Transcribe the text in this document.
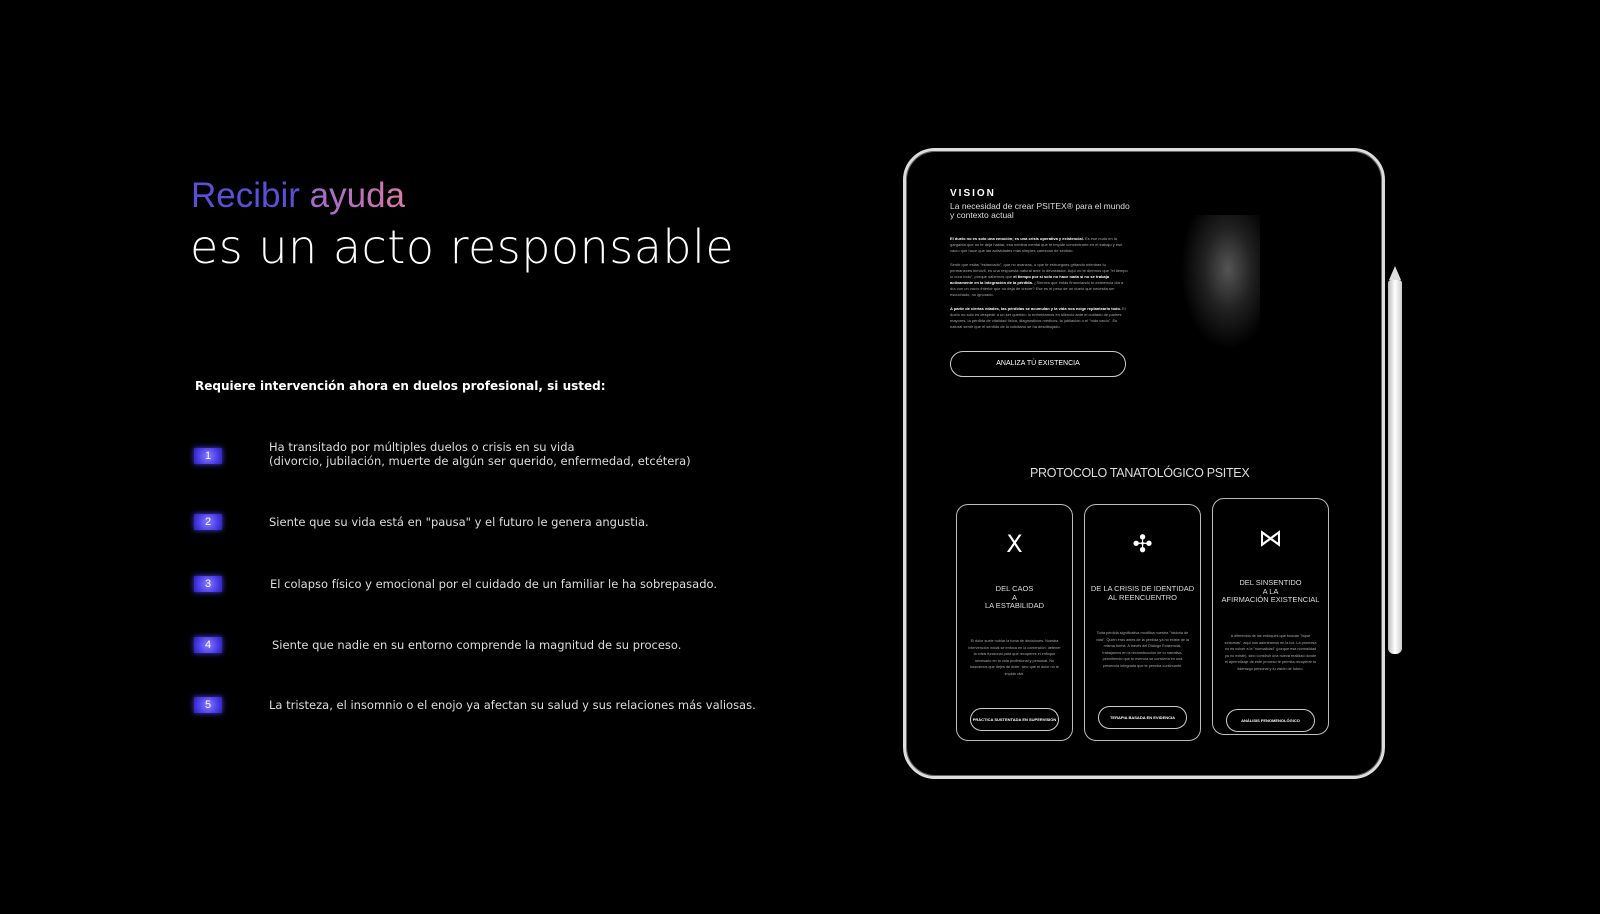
Recibir ayuda
es un acto responsable
Requiere intervención ahora en duelos profesional, si usted:
1
Ha transitado por múltiples duelos o crisis en su vida
(divorcio, jubilación, muerte de algún ser querido, enfermedad, etcétera)
2	Siente que su vida está en "pausa" y el futuro le genera angustia.
3	El colapso físico y emocional por el cuidado de un familiar le ha sobrepasado.
4	Siente que nadie en su entorno comprende la magnitud de su proceso.
5	La tristeza, el insomnio o el enojo ya afectan su salud y sus relaciones más valiosas.
VISION
La necesidad de crear PSITEX® para el mundo y contexto actual
El duelo no es solo una emoción; es una crisis operativa y existencial. Es ese nudo en la garganta que no te deja hablar, esa neblina mental que te impide concentrarte en el trabajo y ese vacío que hace que las actividades más simples carezcan de sentido.
Sentir que estás "estancado", que no avanzas, o que te estruegues gritando mientras tu permaneces inmóvil, es una respuesta natural ante lo devastador. Aquí no te diremos que "el tiempo lo cura todo", porque sabemos que el tiempo por sí solo no hace nada si no se trabaja activamente en la integración de la pérdida. ¿Sientes que estás financiando tu existencia día a día con un vacío interior que no deja de crecer? Ese es el peso de un duelo que necesita ser escuchado, no ignorado.
A partir de ciertas edades, las pérdidas se acumulan y la vida nos exige replantearlo todo. El duelo no solo es despedir a un ser querido; lo enfrentamos en silencio ante el cuidado de padres mayores, la pérdida de vitalidad física, diagnósticos médicos, la jubilación o el "nido vacío". Es natural sentir que el sentido de lo cotidiano se ha desdibujado.
ANALIZA TÚ EXISTENCIA
PROTOCOLO TANATOLÓGICO PSITEX
Ⅹ
DEL CAOS
A
LA ESTABILIDAD
El dolor suele nublar la toma de decisiones. Nuestra intervención inicial se enfoca en la contención: detener la crisis funcional para que recuperes el enfoque necesario en tu vida profesional y personal. No buscamos que dejes de doler, sino que el dolor no te impida vivir.
PRÁCTICA SUSTENTADA EN SUPERVISIÓN
✣
DE LA CRISIS DE IDENTIDAD
AL REENCUENTRO
Toda pérdida significativa modifica nuestra "historia de vida". Quién eras antes de la pérdida ya no existe de la misma forma. A través del Diálogo Existencial, trabajamos en la reconstrucción de tu narrativa, permitiendo que tu esencia se convierta en una presencia integrada que te permita continuarte.
TERAPIA BASADA EN EVIDENCIA
⋈
DEL SINSENTIDO
A LA
AFIRMACIÓN EXISTENCIAL
A diferencia de los enfoques que buscan "tapar síntomas", aquí nos adentramos en la luz. La promesa no es volver a la "normalidad" (porque esa normalidad ya no existe), sino construir una nueva realidad donde el aprendizaje de este proceso te permita recuperar tu liderazgo personal y tu visión de futuro.
ANÁLISIS FENOMENOLÓGICO
